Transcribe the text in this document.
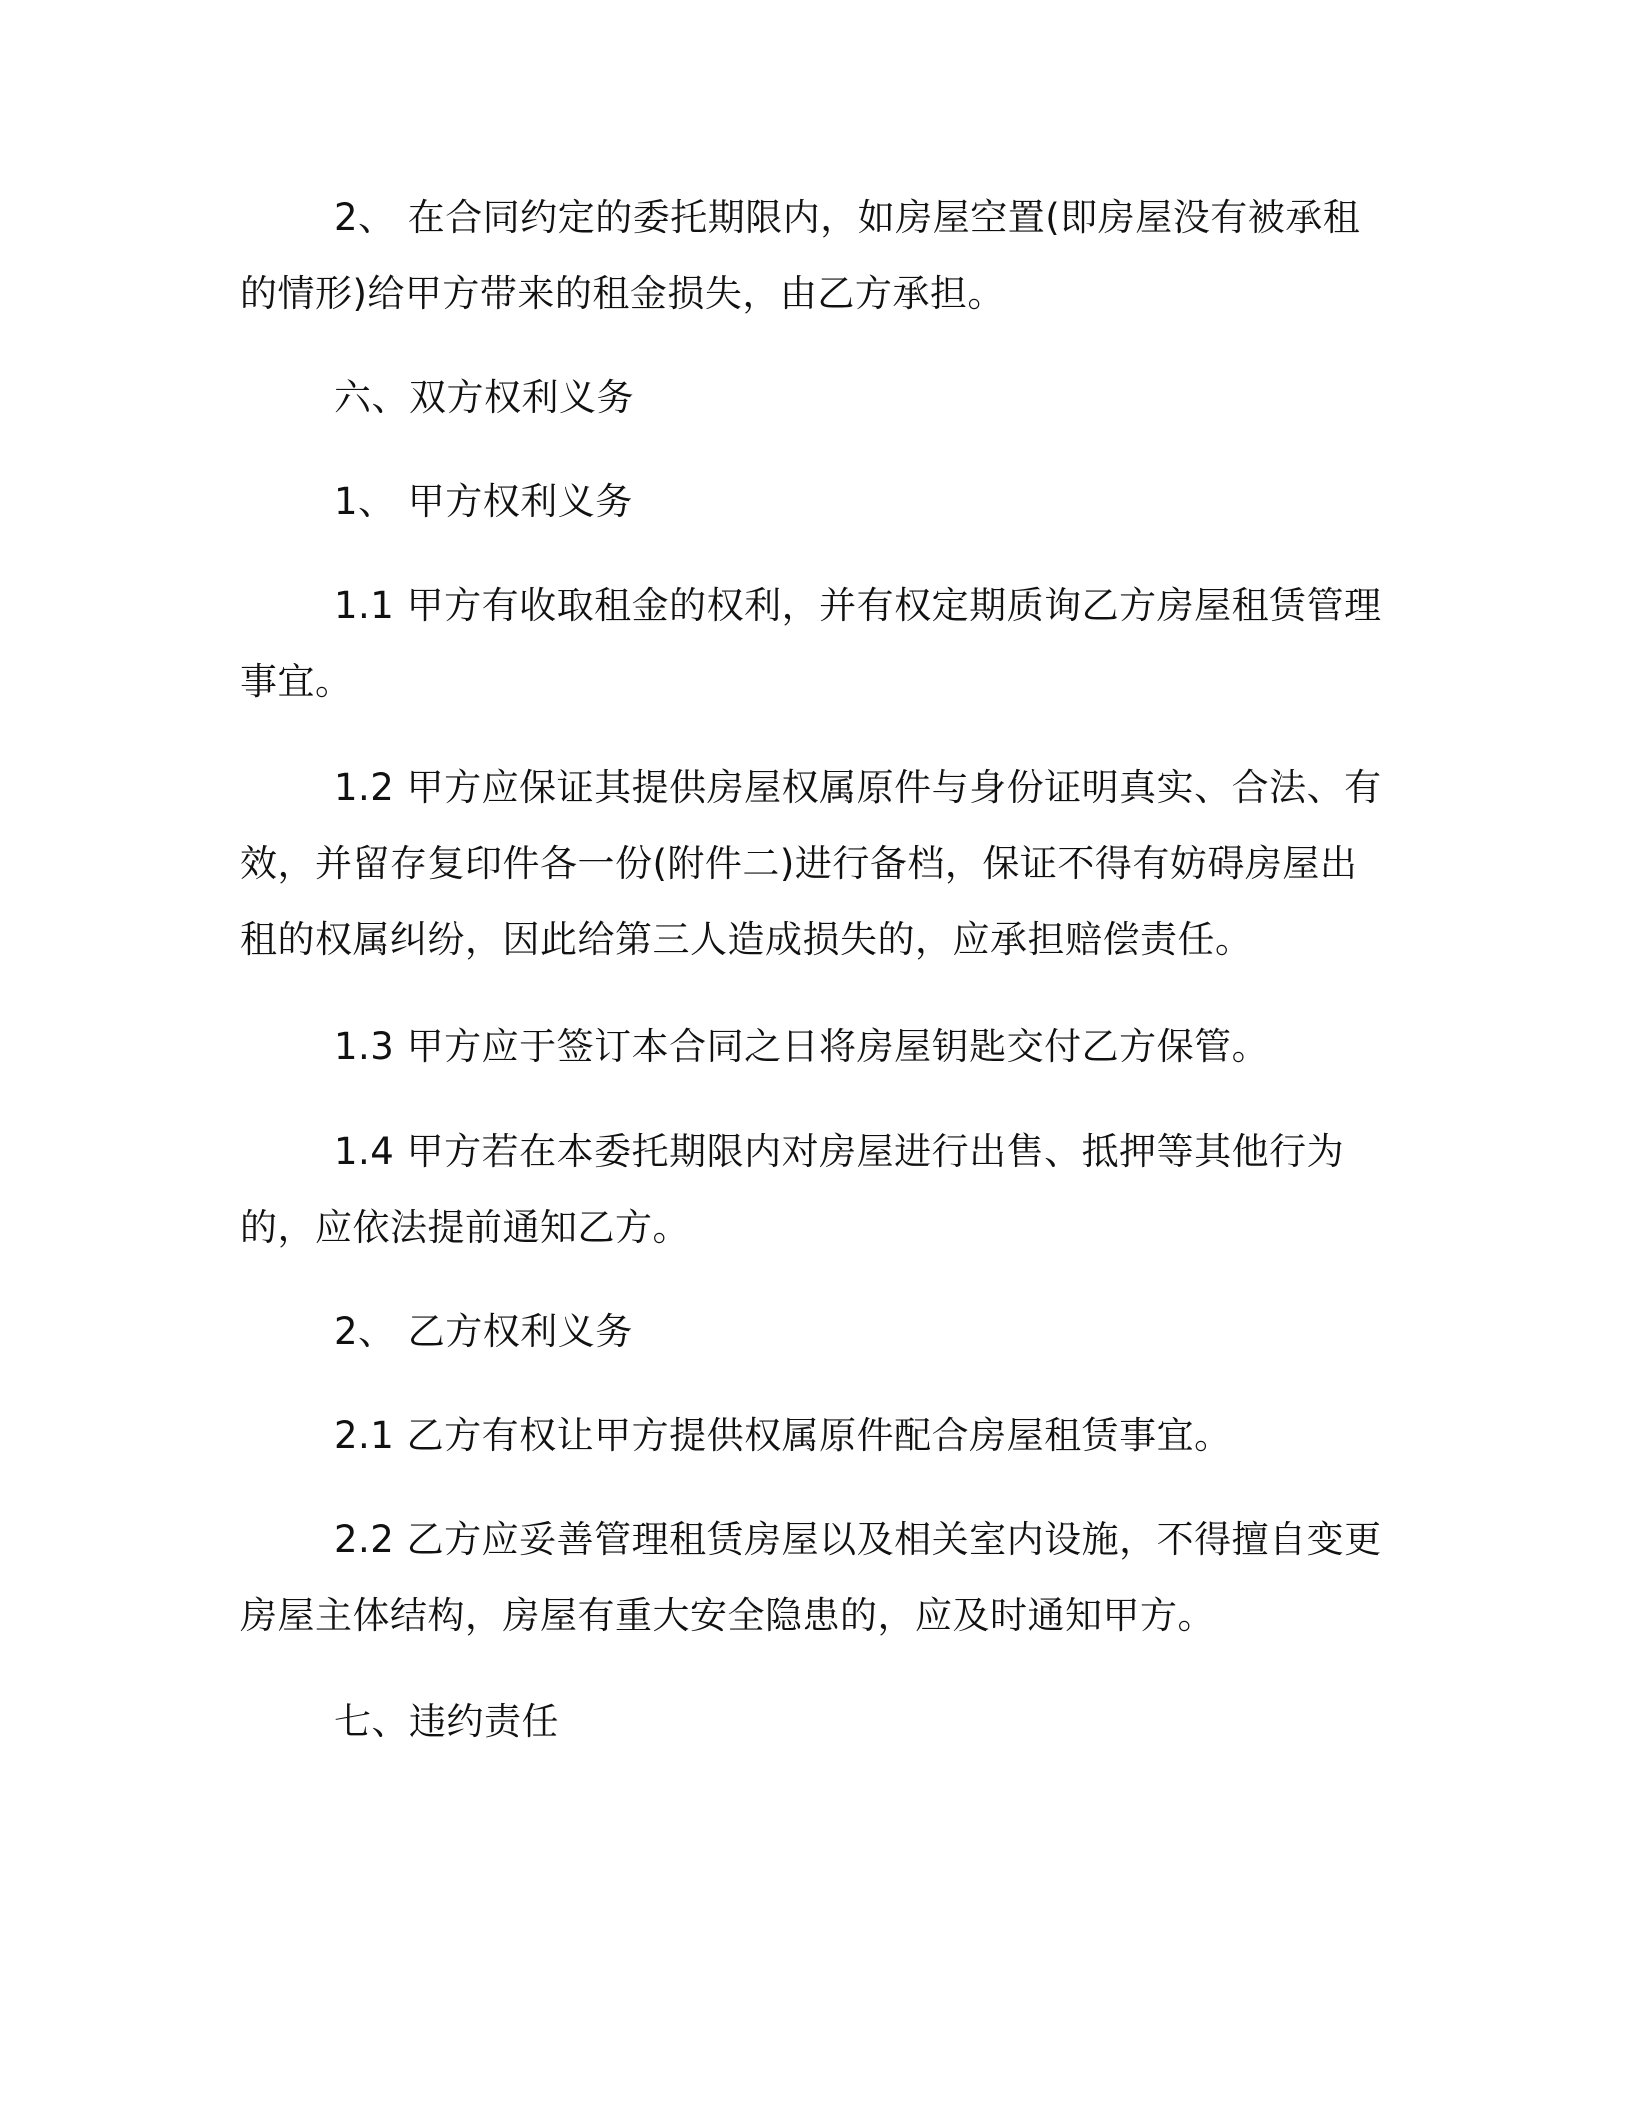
2、 在合同约定的委托期限内，如房屋空置(即房屋没有被承租的情形)给甲方带来的租金损失，由乙方承担。

六、双方权利义务

1、 甲方权利义务

1.1 甲方有收取租金的权利，并有权定期质询乙方房屋租赁管理事宜。

1.2 甲方应保证其提供房屋权属原件与身份证明真实、合法、有效，并留存复印件各一份(附件二)进行备档，保证不得有妨碍房屋出租的权属纠纷，因此给第三人造成损失的，应承担赔偿责任。

1.3 甲方应于签订本合同之日将房屋钥匙交付乙方保管。

1.4 甲方若在本委托期限内对房屋进行出售、抵押等其他行为的，应依法提前通知乙方。

2、 乙方权利义务

2.1 乙方有权让甲方提供权属原件配合房屋租赁事宜。

2.2 乙方应妥善管理租赁房屋以及相关室内设施，不得擅自变更房屋主体结构，房屋有重大安全隐患的，应及时通知甲方。

七、违约责任
